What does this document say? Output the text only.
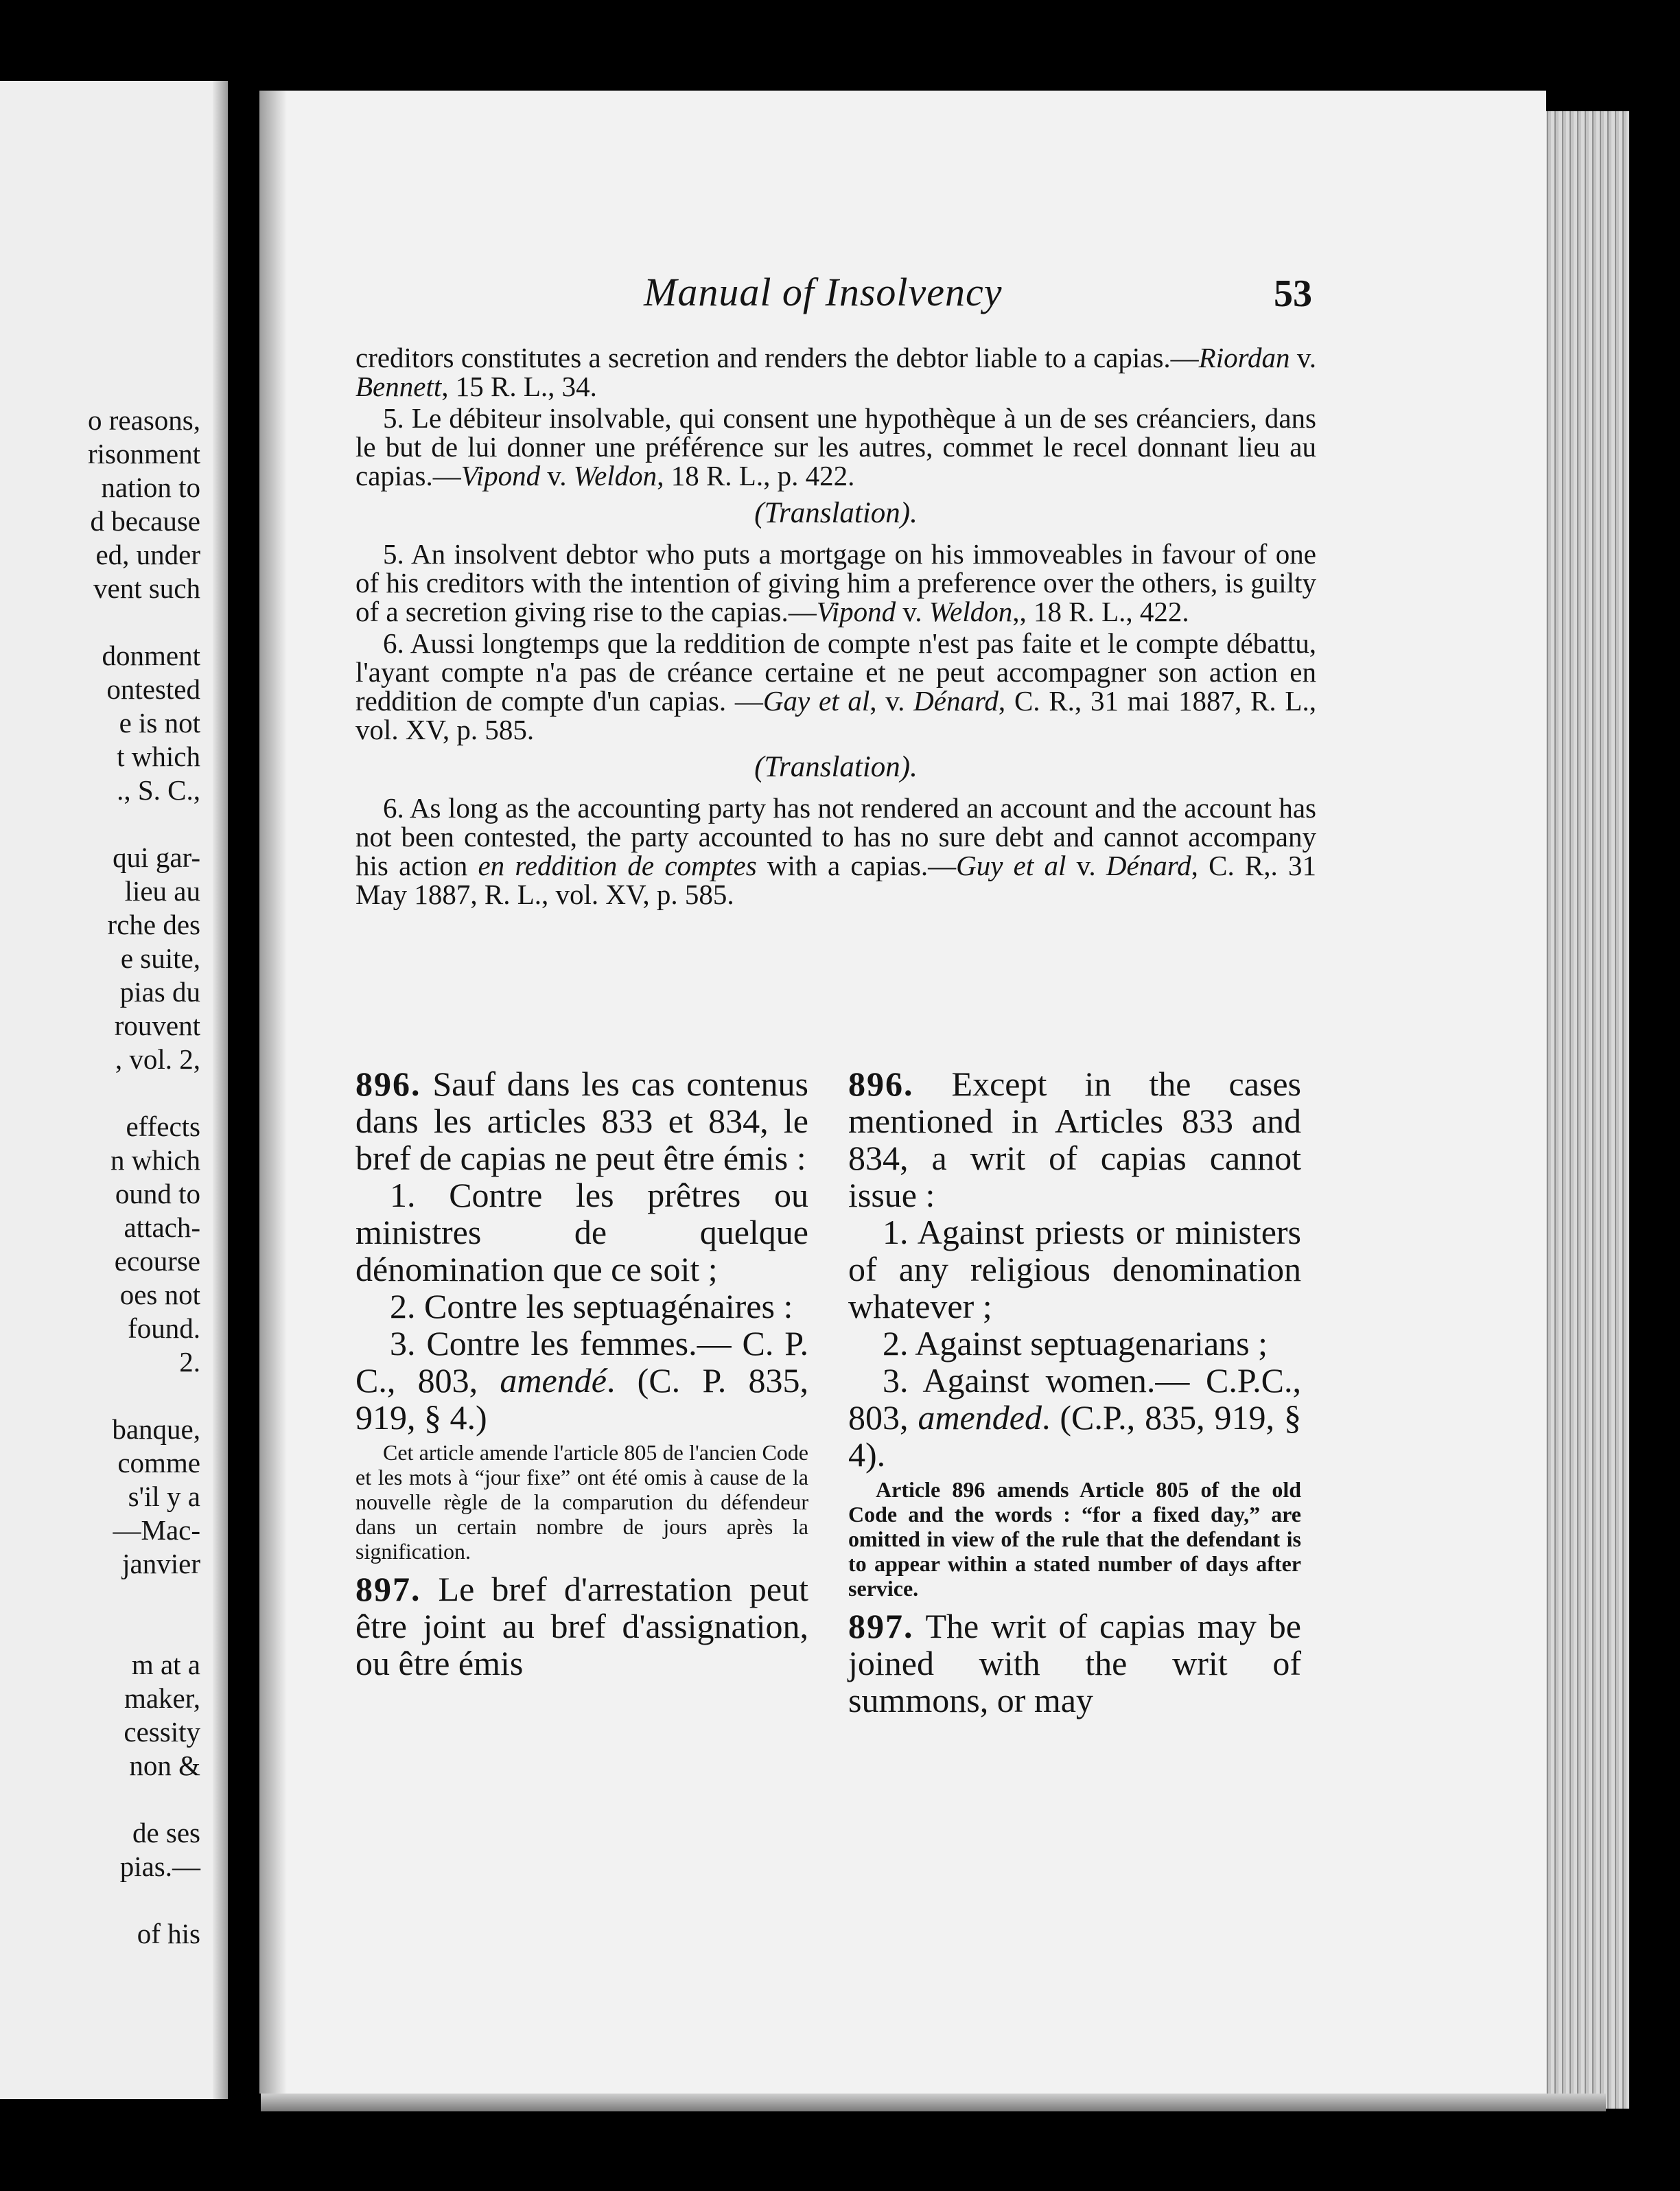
o reasons,
risonment
nation to
d because
ed, under
vent such
donment
ontested
e is not
t which
., S. C.,
qui gar-
lieu au
rche des
e suite,
pias du
rouvent
, vol. 2,
effects
n which
ound to
attach-
ecourse
oes not
found.
2.
banque,
comme
s'il y a
—Mac-
janvier
m at a
maker,
cessity
non &
de ses
pias.—
of his
Manual of Insolvency	53

creditors constitutes a secretion and renders the debtor liable to a capias.—Riordan v. Bennett, 15 R. L., 34.

5. Le débiteur insolvable, qui consent une hypothèque à un de ses créanciers, dans le but de lui donner une préférence sur les autres, commet le recel donnant lieu au capias.—Vipond v. Weldon, 18 R. L., p. 422.

(Translation).

5. An insolvent debtor who puts a mortgage on his immoveables in favour of one of his creditors with the intention of giving him a preference over the others, is guilty of a secretion giving rise to the capias.—Vipond v. Weldon,, 18 R. L., 422.

6. Aussi longtemps que la reddition de compte n'est pas faite et le compte débattu, l'ayant compte n'a pas de créance certaine et ne peut accompagner son action en reddition de compte d'un capias. —Gay et al, v. Dénard, C. R., 31 mai 1887, R. L., vol. XV, p. 585.

(Translation).

6. As long as the accounting party has not rendered an account and the account has not been contested, the party accounted to has no sure debt and cannot accompany his action en reddition de comptes with a capias.—Guy et al v. Dénard, C. R,. 31 May 1887, R. L., vol. XV, p. 585.

896. Sauf dans les cas contenus dans les articles 833 et 834, le bref de capias ne peut être émis :

1. Contre les prêtres ou ministres de quelque dénomination que ce soit ;

2. Contre les septuagénaires :

3. Contre les femmes.— C. P. C., 803, amendé. (C. P. 835, 919, § 4.)

Cet article amende l'article 805 de l'ancien Code et les mots à “jour fixe” ont été omis à cause de la nouvelle règle de la comparution du défendeur dans un certain nombre de jours après la signification.

897. Le bref d'arrestation peut être joint au bref d'assignation, ou être émis

896. Except in the cases mentioned in Articles 833 and 834, a writ of capias cannot issue :

1. Against priests or ministers of any religious denomination whatever ;

2. Against septuagenarians ;

3. Against women.— C.P.C., 803, amended. (C.P., 835, 919, § 4).

Article 896 amends Article 805 of the old Code and the words : “for a fixed day,” are omitted in view of the rule that the defendant is to appear within a stated number of days after service.

897. The writ of capias may be joined with the writ of summons, or may
